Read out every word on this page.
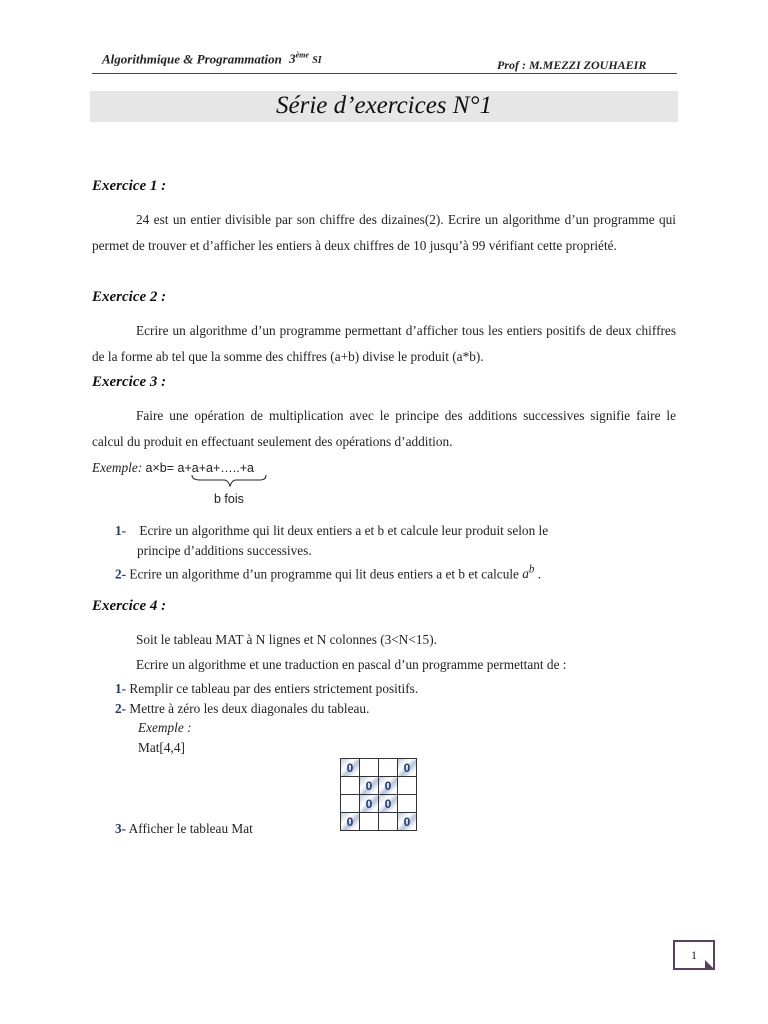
Algorithmique & Programmation 3ème SI	Prof : M.MEZZI ZOUHAEIR
Série d’exercices N°1
Exercice 1 :
24 est un entier divisible par son chiffre des dizaines(2). Ecrire un algorithme d’un programme qui permet de trouver et d’afficher les entiers à deux chiffres de 10 jusqu’à 99 vérifiant cette propriété.
Exercice 2 :
Ecrire un algorithme d’un programme permettant d’afficher tous les entiers positifs de deux chiffres de la forme ab tel que la somme des chiffres (a+b) divise le produit (a*b).
Exercice 3 :
Faire une opération de multiplication avec le principe des additions successives signifie faire le calcul du produit en effectuant seulement des opérations d’addition.
Exemple: a×b= a+a+a+…..+a
b fois
1- Ecrire un algorithme qui lit deux entiers a et b et calcule leur produit selon le
principe d’additions successives.
2- Ecrire un algorithme d’un programme qui lit deus entiers a et b et calcule $a^b$ .
Exercice 4 :
Soit le tableau MAT à N lignes et N colonnes (3<N<15).
Ecrire un algorithme et une traduction en pascal d’un programme permettant de :
1- Remplir ce tableau par des entiers strictement positifs.
2- Mettre à zéro les deux diagonales du tableau.
Exemple :
Mat[4,4]
0			0
	0	0	
	0	0	
0			0
3- Afficher le tableau Mat
1
